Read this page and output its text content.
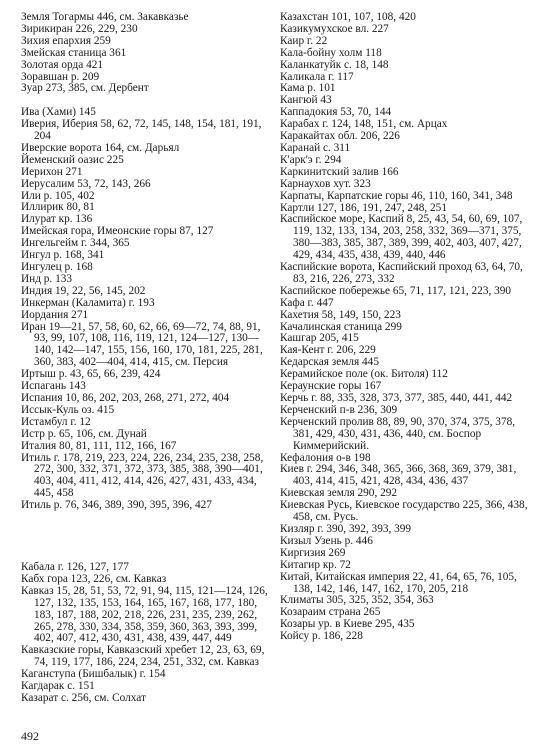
Земля Тогармы 446, см. Закавказье

Зирикиран 226, 229, 230

Зихия епархия 259

Змейская станица 361

Золотая орда 421

Зоравшан р. 209

Зуар 273, 385, см. Дербент

Ива (Хами) 145

Иверия, Иберия 58, 62, 72, 145, 148, 154, 181, 191, 204

Иверские ворота 164, см. Дарьял

Йеменский оазис 225

Иерихон 271

Иерусалим 53, 72, 143, 266

Или р. 105, 402

Иллирик 80, 81

Илурат кр. 136

Имейская гора, Имеонские горы 87, 127

Ингельгейм г. 344, 365

Ингул р. 168, 341

Ингулец р. 168

Инд р. 133

Индия 19, 22, 56, 145, 202

Инкерман (Каламита) г. 193

Иордания 271

Иран 19—21, 57, 58, 60, 62, 66, 69—72, 74, 88, 91, 93, 99, 107, 108, 116, 119, 121, 124—127, 130—140, 142—147, 155, 156, 160, 170, 181, 225, 281, 360, 383, 402—404, 414, 415, см. Персия

Иртыш р. 43, 65, 66, 239, 424

Испагань 143

Испания 10, 86, 202, 203, 268, 271, 272, 404

Иссык-Куль оз. 415

Истамбул г. 12

Истр р. 65, 106, см. Дунай

Италия 80, 81, 111, 112, 166, 167

Итиль г. 178, 219, 223, 224, 226, 234, 235, 238, 258, 272, 300, 332, 371, 372, 373, 385, 388, 390—401, 403, 404, 411, 412, 414, 426, 427, 431, 433, 434, 445, 458

Итиль р. 76, 346, 389, 390, 395, 396, 427

Кабала г. 126, 127, 177

Кабх гора 123, 226, см. Кавказ

Кавказ 15, 28, 51, 53, 72, 91, 94, 115, 121—124, 126, 127, 132, 135, 153, 164, 165, 167, 168, 177, 180, 183, 187, 188, 202, 218, 226, 231, 235, 239, 262, 265, 278, 330, 334, 358, 359, 360, 363, 393, 399, 402, 407, 412, 430, 431, 438, 439, 447, 449

Кавказские горы, Кавказский хребет 12, 23, 63, 69, 74, 119, 177, 186, 224, 234, 251, 332, см. Кавказ

Каганступа (Бишбалык) г. 154

Кагдарак с. 151

Казарат с. 256, см. Солхат

Казахстан 101, 107, 108, 420

Казикумухское вл. 227

Каир г. 22

Кала-бойну холм 118

Каланкатуйк с. 18, 148

Каликала г. 117

Кама р. 101

Кангюй 43

Каппадокия 53, 70, 144

Карабах г. 124, 148, 151, см. Арцах

Каракайтах обл. 206, 226

Каранай с. 311

К'арк'э г. 294

Каркинитский залив 166

Карнаухов хут. 323

Карпаты, Карпатские горы 46, 110, 160, 341, 348

Картли 127, 186, 191, 247, 248, 251

Каспийское море, Каспий 8, 25, 43, 54, 60, 69, 107, 119, 132, 133, 134, 203, 258, 332, 369—371, 375, 380—383, 385, 387, 389, 399, 402, 403, 407, 427, 429, 434, 435, 438, 439, 440, 446

Каспийские ворота, Каспийский проход 63, 64, 70, 83, 216, 226, 273, 332

Каспийское побережье 65, 71, 117, 121, 223, 390

Кафа г. 447

Кахетия 58, 149, 150, 223

Качалинская станица 299

Кашгар 205, 415

Кая-Кент г. 206, 229

Кедарская земля 445

Керамийское поле (ок. Битоля) 112

Кераунские горы 167

Керчь г. 88, 335, 328, 373, 377, 385, 440, 441, 442

Керченский п-в 236, 309

Керченский пролив 88, 89, 90, 370, 374, 375, 378, 381, 429, 430, 431, 436, 440, см. Боспор Киммерийский.

Кефалония о-в 198

Киев г. 294, 346, 348, 365, 366, 368, 369, 379, 381, 403, 414, 415, 421, 428, 434, 436, 437

Киевская земля 290, 292

Киевская Русь, Киевское государство 225, 366, 438, 458, см. Русь.

Кизляр г. 390, 392, 393, 399

Кизыл Узень р. 446

Киргизия 269

Китагир кр. 72

Китай, Китайская империя 22, 41, 64, 65, 76, 105, 138, 142, 146, 147, 162, 170, 205, 218

Климаты 305, 325, 352, 354, 363

Козараим страна 265

Козары ур. в Киеве 295, 435

Койсу р. 186, 228

492
